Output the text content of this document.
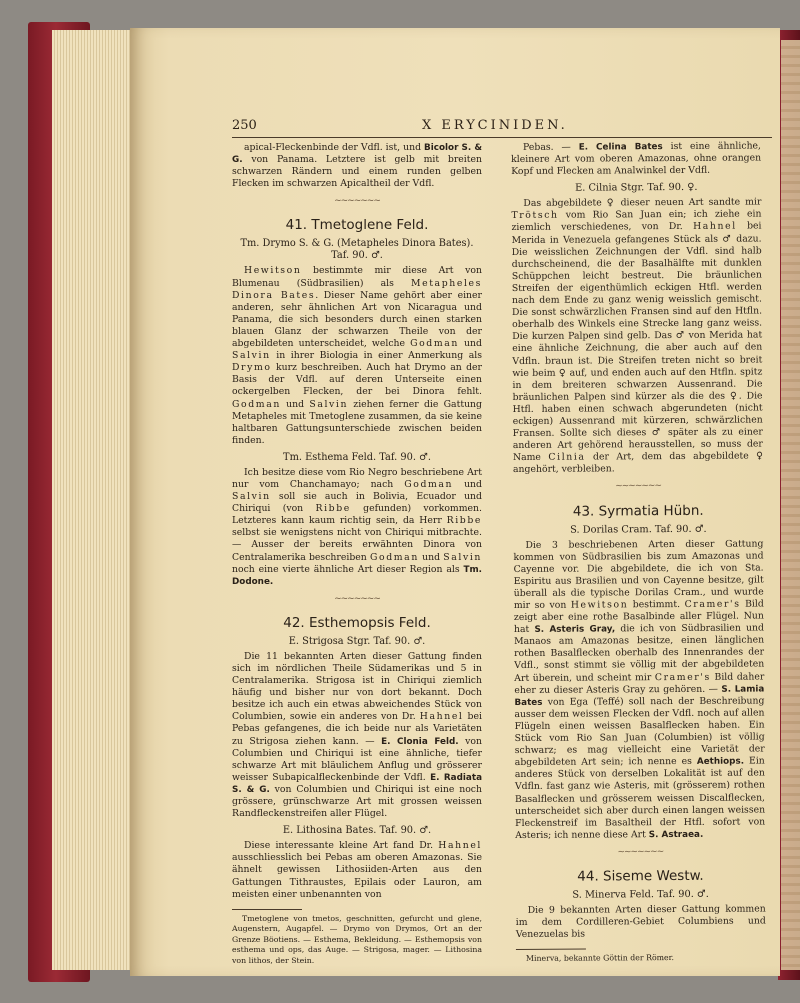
250	X ERYCINIDEN.

apical-Fleckenbinde der Vdfl. ist, und Bicolor S. & G. von Panama. Letztere ist gelb mit breiten schwarzen Rändern und einem runden gelben Flecken im schwarzen Apicaltheil der Vdfl.

~~~~~~~
41. Tmetoglene Feld.
Tm. Drymo S. & G. (Metapheles Dinora Bates). Taf. 90. ♂.

Hewitson bestimmte mir diese Art von Blumenau (Südbrasilien) als Metapheles Dinora Bates. Dieser Name gehört aber einer anderen, sehr ähnlichen Art von Nicaragua und Panama, die sich besonders durch einen starken blauen Glanz der schwarzen Theile von der abgebildeten unterscheidet, welche Godman und Salvin in ihrer Biologia in einer Anmerkung als Drymo kurz beschreiben. Auch hat Drymo an der Basis der Vdfl. auf deren Unterseite einen ockergelben Flecken, der bei Dinora fehlt. Godman und Salvin ziehen ferner die Gattung Metapheles mit Tmetoglene zusammen, da sie keine haltbaren Gattungsunterschiede zwischen beiden finden.

Tm. Esthema Feld. Taf. 90. ♂.

Ich besitze diese vom Rio Negro beschriebene Art nur vom Chanchamayo; nach Godman und Salvin soll sie auch in Bolivia, Ecuador und Chiriqui (von Ribbe gefunden) vorkommen. Letzteres kann kaum richtig sein, da Herr Ribbe selbst sie wenigstens nicht von Chiriqui mitbrachte. — Ausser der bereits erwähnten Dinora von Centralamerika beschreiben Godman und Salvin noch eine vierte ähnliche Art dieser Region als Tm. Dodone.

~~~~~~~
42. Esthemopsis Feld.
E. Strigosa Stgr. Taf. 90. ♂.

Die 11 bekannten Arten dieser Gattung finden sich im nördlichen Theile Südamerikas und 5 in Centralamerika. Strigosa ist in Chiriqui ziemlich häufig und bisher nur von dort bekannt. Doch besitze ich auch ein etwas abweichendes Stück von Columbien, sowie ein anderes von Dr. Hahnel bei Pebas gefangenes, die ich beide nur als Varietäten zu Strigosa ziehen kann. — E. Clonia Feld. von Columbien und Chiriqui ist eine ähnliche, tiefer schwarze Art mit bläulichem Anflug und grösserer weisser Subapicalfleckenbinde der Vdfl. E. Radiata S. & G. von Columbien und Chiriqui ist eine noch grössere, grünschwarze Art mit grossen weissen Randfleckenstreifen aller Flügel.

E. Lithosina Bates. Taf. 90. ♂.

Diese interessante kleine Art fand Dr. Hahnel ausschliesslich bei Pebas am oberen Amazonas. Sie ähnelt gewissen Lithosiiden-Arten aus den Gattungen Tithraustes, Epilais oder Lauron, am meisten einer unbenannten von

Tmetoglene von tmetos, geschnitten, gefurcht und glene, Augenstern, Augapfel. — Drymo von Drymos, Ort an der Grenze Böotiens. — Esthema, Bekleidung. — Esthemopsis von esthema und ops, das Auge. — Strigosa, mager. — Lithosina von lithos, der Stein.

Pebas. — E. Celina Bates ist eine ähnliche, kleinere Art vom oberen Amazonas, ohne orangen Kopf und Flecken am Analwinkel der Vdfl.

E. Cilnia Stgr. Taf. 90. ♀.

Das abgebildete ♀ dieser neuen Art sandte mir Trötsch vom Rio San Juan ein; ich ziehe ein ziemlich verschiedenes, von Dr. Hahnel bei Merida in Venezuela gefangenes Stück als ♂ dazu. Die weisslichen Zeichnungen der Vdfl. sind halb durchscheinend, die der Basalhälfte mit dunklen Schüppchen leicht bestreut. Die bräunlichen Streifen der eigenthümlich eckigen Htfl. werden nach dem Ende zu ganz wenig weisslich gemischt. Die sonst schwärzlichen Fransen sind auf den Htfln. oberhalb des Winkels eine Strecke lang ganz weiss. Die kurzen Palpen sind gelb. Das ♂ von Merida hat eine ähnliche Zeichnung, die aber auch auf den Vdfln. braun ist. Die Streifen treten nicht so breit wie beim ♀ auf, und enden auch auf den Htfln. spitz in dem breiteren schwarzen Aussenrand. Die bräunlichen Palpen sind kürzer als die des ♀. Die Htfl. haben einen schwach abgerundeten (nicht eckigen) Aussenrand mit kürzeren, schwärzlichen Fransen. Sollte sich dieses ♂ später als zu einer anderen Art gehörend herausstellen, so muss der Name Cilnia der Art, dem das abgebildete ♀ angehört, verbleiben.

~~~~~~~
43. Syrmatia Hübn.
S. Dorilas Cram. Taf. 90. ♂.

Die 3 beschriebenen Arten dieser Gattung kommen von Südbrasilien bis zum Amazonas und Cayenne vor. Die abgebildete, die ich von Sta. Espiritu aus Brasilien und von Cayenne besitze, gilt überall als die typische Dorilas Cram., und wurde mir so von Hewitson bestimmt. Cramer's Bild zeigt aber eine rothe Basalbinde aller Flügel. Nun hat S. Asteris Gray, die ich von Südbrasilien und Manaos am Amazonas besitze, einen länglichen rothen Basalflecken oberhalb des Innenrandes der Vdfl., sonst stimmt sie völlig mit der abgebildeten Art überein, und scheint mir Cramer's Bild daher eher zu dieser Asteris Gray zu gehören. — S. Lamia Bates von Ega (Teffé) soll nach der Beschreibung ausser dem weissen Flecken der Vdfl. noch auf allen Flügeln einen weissen Basalflecken haben. Ein Stück vom Rio San Juan (Columbien) ist völlig schwarz; es mag vielleicht eine Varietät der abgebildeten Art sein; ich nenne es Aethiops. Ein anderes Stück von derselben Lokalität ist auf den Vdfln. fast ganz wie Asteris, mit (grösserem) rothen Basalflecken und grösserem weissen Discalflecken, unterscheidet sich aber durch einen langen weissen Fleckenstreif im Basaltheil der Htfl. sofort von Asteris; ich nenne diese Art S. Astraea.

~~~~~~~
44. Siseme Westw.
S. Minerva Feld. Taf. 90. ♂.

Die 9 bekannten Arten dieser Gattung kommen im dem Cordilleren-Gebiet Columbiens und Venezuelas bis

Minerva, bekannte Göttin der Römer.
